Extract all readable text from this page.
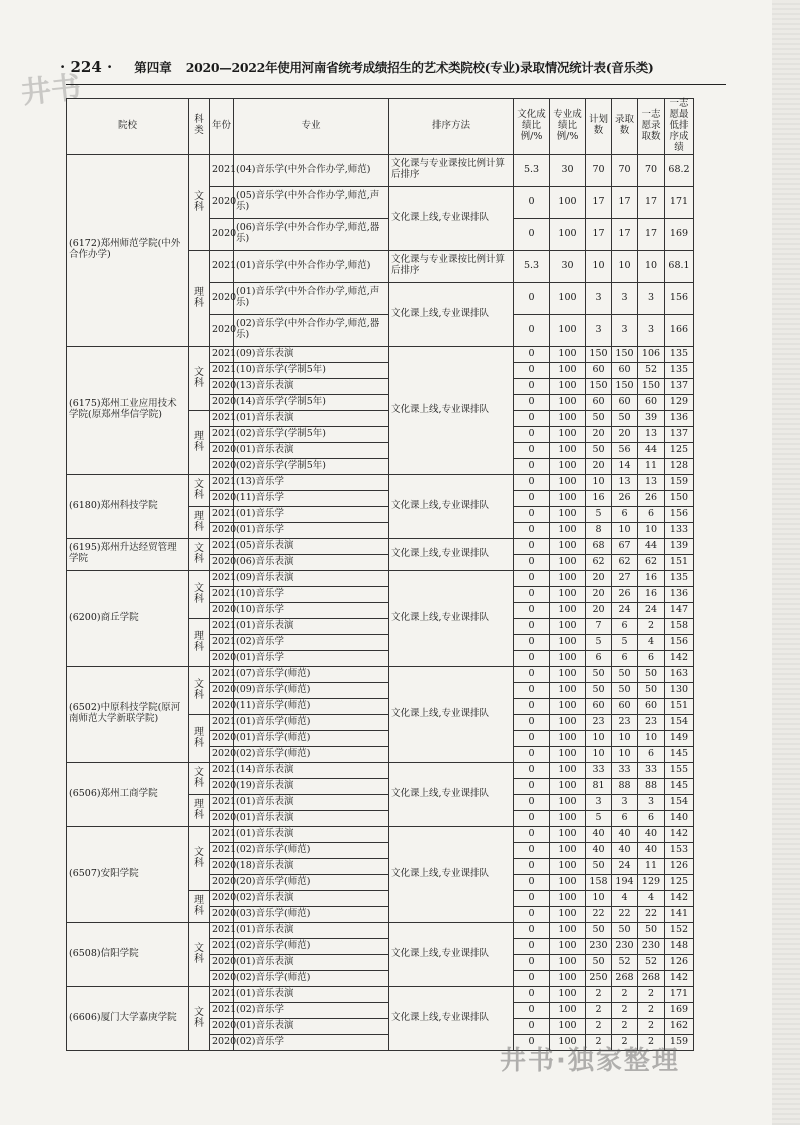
井书
· 224 · 第四章 2020—2022年使用河南省统考成绩招生的艺术类院校(专业)录取情况统计表(音乐类)
院校	科类	年份	专业	排序方法	文化成绩比例/%	专业成绩比例/%	计划数	录取数	一志愿录取数	一志愿最低排序成绩
(6172)郑州师范学院(中外合作办学)	文科	2021	(04)音乐学(中外合作办学,师范)	文化课与专业课按比例计算后排序	5.3	30	70	70	70	68.2
		2020	(05)音乐学(中外合作办学,师范,声乐)	文化课上线,专业课排队	0	100	17	17	17	171
		2020	(06)音乐学(中外合作办学,师范,器乐)		0	100	17	17	17	169
	理科	2021	(01)音乐学(中外合作办学,师范)	文化课与专业课按比例计算后排序	5.3	30	10	10	10	68.1
		2020	(01)音乐学(中外合作办学,师范,声乐)	文化课上线,专业课排队	0	100	3	3	3	156
		2020	(02)音乐学(中外合作办学,师范,器乐)		0	100	3	3	3	166
(6175)郑州工业应用技术学院(原郑州华信学院)	文科	2021	(09)音乐表演	文化课上线,专业课排队	0	100	150	150	106	135
		2021	(10)音乐学(学制5年)		0	100	60	60	52	135
		2020	(13)音乐表演		0	100	150	150	150	137
		2020	(14)音乐学(学制5年)		0	100	60	60	60	129
	理科	2021	(01)音乐表演		0	100	50	50	39	136
		2021	(02)音乐学(学制5年)		0	100	20	20	13	137
		2020	(01)音乐表演		0	100	50	56	44	125
		2020	(02)音乐学(学制5年)		0	100	20	14	11	128
(6180)郑州科技学院	文科	2021	(13)音乐学	文化课上线,专业课排队	0	100	10	13	13	159
		2020	(11)音乐学		0	100	16	26	26	150
	理科	2021	(01)音乐学		0	100	5	6	6	156
		2020	(01)音乐学		0	100	8	10	10	133
(6195)郑州升达经贸管理学院	文科	2021	(05)音乐表演	文化课上线,专业课排队	0	100	68	67	44	139
		2020	(06)音乐表演		0	100	62	62	62	151
(6200)商丘学院	文科	2021	(09)音乐表演	文化课上线,专业课排队	0	100	20	27	16	135
		2021	(10)音乐学		0	100	20	26	16	136
		2020	(10)音乐学		0	100	20	24	24	147
	理科	2021	(01)音乐表演		0	100	7	6	2	158
		2021	(02)音乐学		0	100	5	5	4	156
		2020	(01)音乐学		0	100	6	6	6	142
(6502)中原科技学院(原河南师范大学新联学院)	文科	2021	(07)音乐学(师范)	文化课上线,专业课排队	0	100	50	50	50	163
		2020	(09)音乐学(师范)		0	100	50	50	50	130
		2020	(11)音乐学(师范)		0	100	60	60	60	151
	理科	2021	(01)音乐学(师范)		0	100	23	23	23	154
		2020	(01)音乐学(师范)		0	100	10	10	10	149
		2020	(02)音乐学(师范)		0	100	10	10	6	145
(6506)郑州工商学院	文科	2021	(14)音乐表演	文化课上线,专业课排队	0	100	33	33	33	155
		2020	(19)音乐表演		0	100	81	88	88	145
	理科	2021	(01)音乐表演		0	100	3	3	3	154
		2020	(01)音乐表演		0	100	5	6	6	140
(6507)安阳学院	文科	2021	(01)音乐表演	文化课上线,专业课排队	0	100	40	40	40	142
		2021	(02)音乐学(师范)		0	100	40	40	40	153
		2020	(18)音乐表演		0	100	50	24	11	126
		2020	(20)音乐学(师范)		0	100	158	194	129	125
	理科	2020	(02)音乐表演		0	100	10	4	4	142
		2020	(03)音乐学(师范)		0	100	22	22	22	141
(6508)信阳学院	文科	2021	(01)音乐表演	文化课上线,专业课排队	0	100	50	50	50	152
		2021	(02)音乐学(师范)		0	100	230	230	230	148
		2020	(01)音乐表演		0	100	50	52	52	126
		2020	(02)音乐学(师范)		0	100	250	268	268	142
(6606)厦门大学嘉庚学院	文科	2021	(01)音乐表演	文化课上线,专业课排队	0	100	2	2	2	171
		2021	(02)音乐学		0	100	2	2	2	169
		2020	(01)音乐表演		0	100	2	2	2	162
		2020	(02)音乐学		0	100	2	2	2	159
井书·独家整理
